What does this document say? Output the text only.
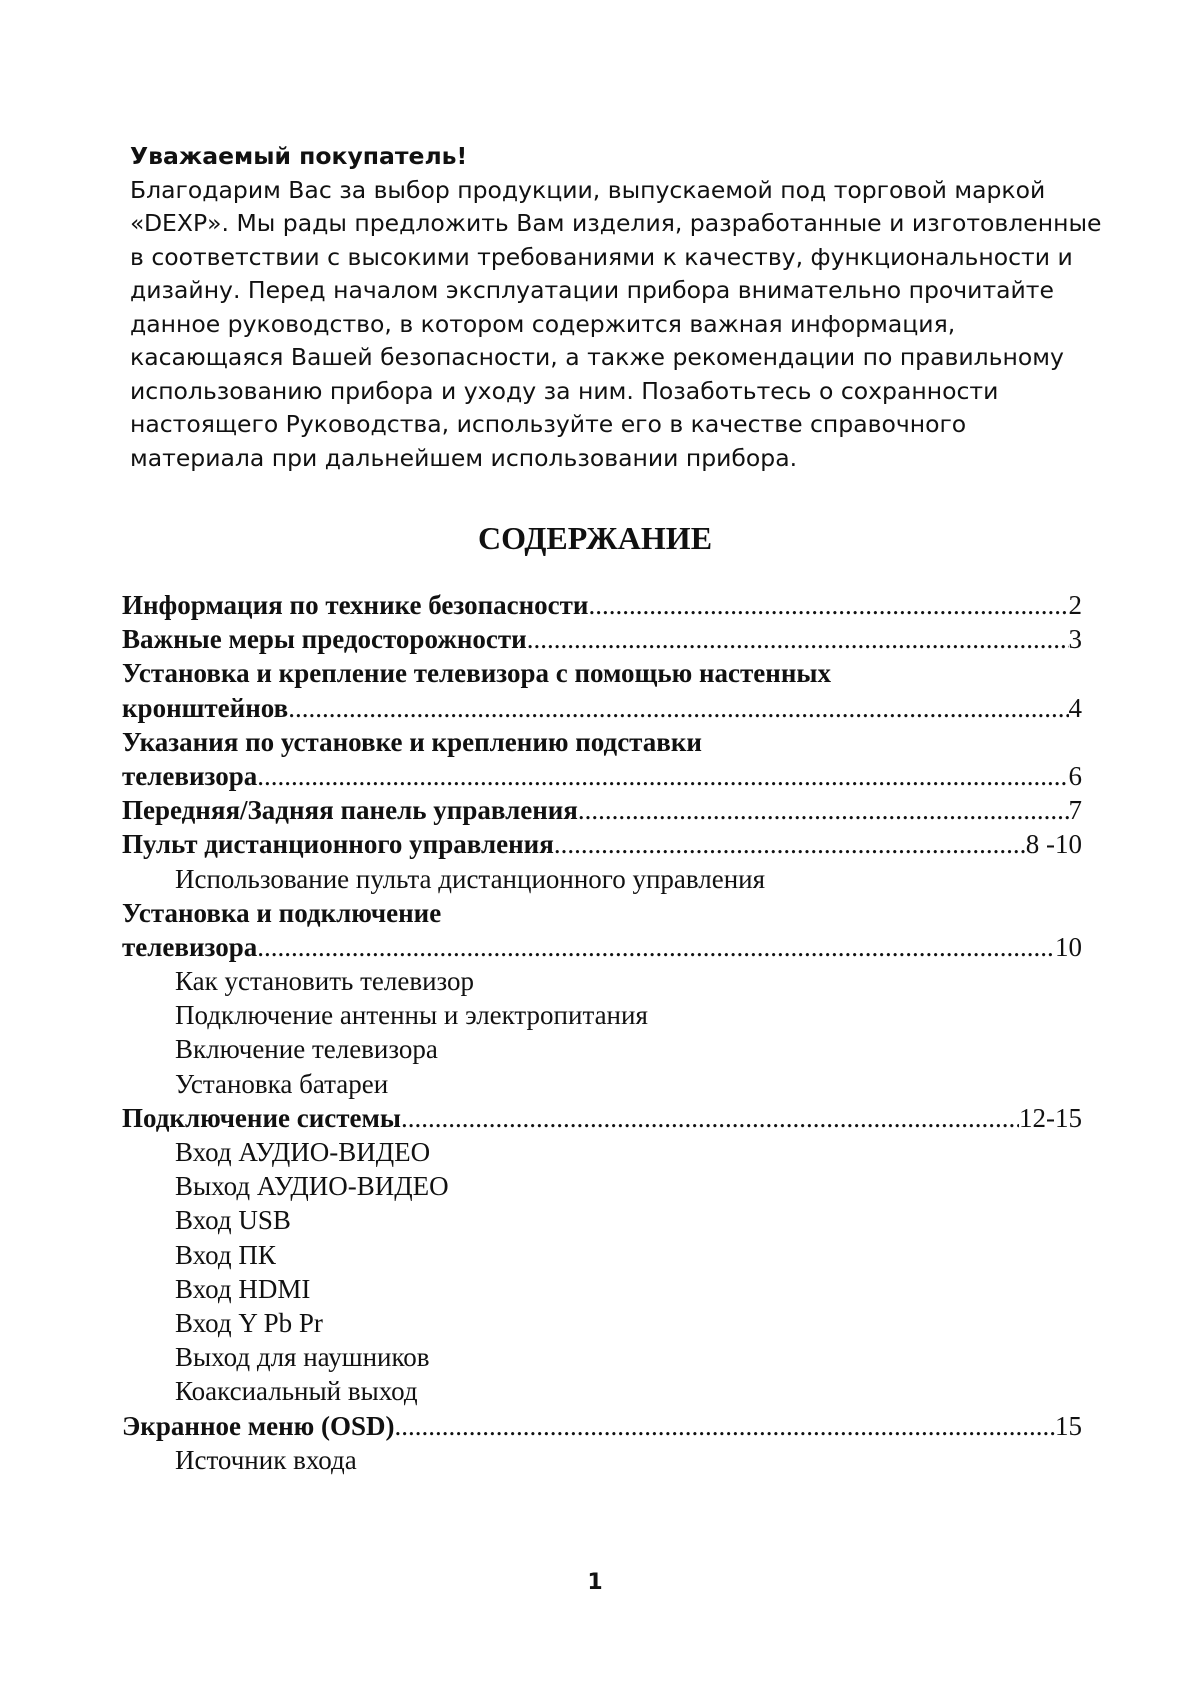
Уважаемый покупатель!

Благодарим Вас за выбор продукции, выпускаемой под торговой маркой

«DEXP». Мы рады предложить Вам изделия, разработанные и изготовленные

в соответствии с высокими требованиями к качеству, функциональности и

дизайну. Перед началом эксплуатации прибора внимательно прочитайте

данное руководство, в котором содержится важная информация,

касающаяся Вашей безопасности, а также рекомендации по правильному

использованию прибора и уходу за ним. Позаботьтесь о сохранности

настоящего Руководства, используйте его в качестве справочного

материала при дальнейшем использовании прибора.

СОДЕРЖАНИЕ
Информация по технике безопасности .....	2
Важные меры предосторожности .....	3
Установка и крепление телевизора с помощью настенных
кронштейнов .....	4
Указания по установке и креплению подставки
телевизора .....	6
Передняя/Задняя панель управления .....	7
Пульт дистанционного управления .....	8 -10
Использование пульта дистанционного управления
Установка и подключение
телевизора .....	10
Как установить телевизор
Подключение антенны и электропитания
Включение телевизора
Установка батареи
Подключение системы .....	12-15
Вход АУДИО-ВИДЕО
Выход АУДИО-ВИДЕО
Вход USB
Вход ПК
Вход HDMI
Вход Y Pb Pr
Выход для наушников
Коаксиальный выход
Экранное меню (OSD) .....	15
Источник входа
1
